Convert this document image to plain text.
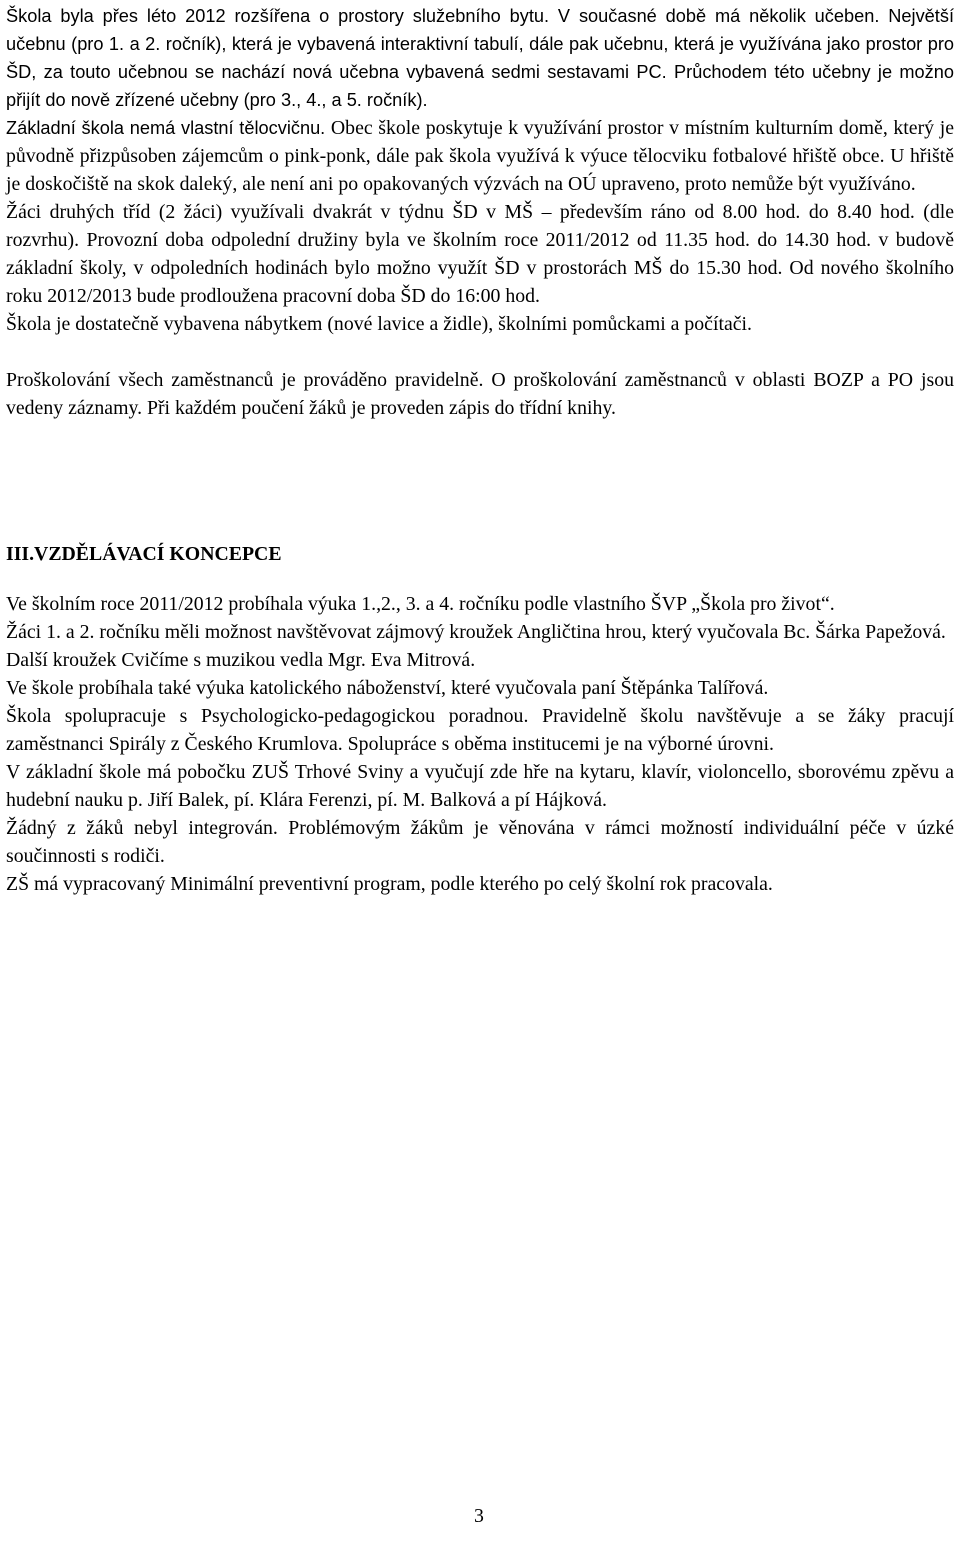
Škola byla přes léto 2012 rozšířena o prostory služebního bytu. V současné době má několik učeben. Největší učebnu (pro 1. a 2. ročník), která je vybavená interaktivní tabulí, dále pak učebnu, která je využívána jako prostor pro ŠD, za touto učebnou se nachází nová učebna vybavená sedmi sestavami PC. Průchodem této učebny je možno přijít do nově zřízené učebny (pro 3., 4., a 5. ročník).

Základní škola nemá vlastní tělocvičnu. Obec škole poskytuje k využívání prostor v místním kulturním domě, který je původně přizpůsoben zájemcům o pink-ponk, dále pak škola využívá k výuce tělocviku fotbalové hřiště obce. U hřiště je doskočiště na skok daleký, ale není ani po opakovaných výzvách na OÚ upraveno, proto nemůže být využíváno.

Žáci druhých tříd (2 žáci) využívali dvakrát v týdnu ŠD v MŠ – především ráno od 8.00 hod. do 8.40 hod. (dle rozvrhu). Provozní doba odpolední družiny byla ve školním roce 2011/2012 od 11.35 hod. do 14.30 hod. v budově základní školy, v odpoledních hodinách bylo možno využít ŠD v prostorách MŠ do 15.30 hod. Od nového školního roku 2012/2013 bude prodloužena pracovní doba ŠD do 16:00 hod.

Škola je dostatečně vybavena nábytkem (nové lavice a židle), školními pomůckami a počítači.

Proškolování všech zaměstnanců je prováděno pravidelně. O proškolování zaměstnanců v oblasti BOZP a PO jsou vedeny záznamy. Při každém poučení žáků je proveden zápis do třídní knihy.

III.VZDĚLÁVACÍ KONCEPCE

Ve školním roce 2011/2012 probíhala výuka 1.,2., 3. a 4. ročníku podle vlastního ŠVP „Škola pro život“.

Žáci 1. a 2. ročníku měli možnost navštěvovat zájmový kroužek Angličtina hrou, který vyučovala Bc. Šárka Papežová.

Další kroužek Cvičíme s muzikou vedla Mgr. Eva Mitrová.

Ve škole probíhala také výuka katolického náboženství, které vyučovala paní Štěpánka Talířová.

Škola spolupracuje s Psychologicko-pedagogickou poradnou. Pravidelně školu navštěvuje a se žáky pracují zaměstnanci Spirály z Českého Krumlova. Spolupráce s oběma institucemi je na výborné úrovni.

V základní škole má pobočku ZUŠ Trhové Sviny a vyučují zde hře na kytaru, klavír, violoncello, sborovému zpěvu a hudební nauku p. Jiří Balek, pí. Klára Ferenzi, pí. M. Balková a pí Hájková.

Žádný z žáků nebyl integrován. Problémovým žákům je věnována v rámci možností individuální péče v úzké součinnosti s rodiči.

ZŠ má vypracovaný Minimální preventivní program, podle kterého po celý školní rok pracovala.

3
